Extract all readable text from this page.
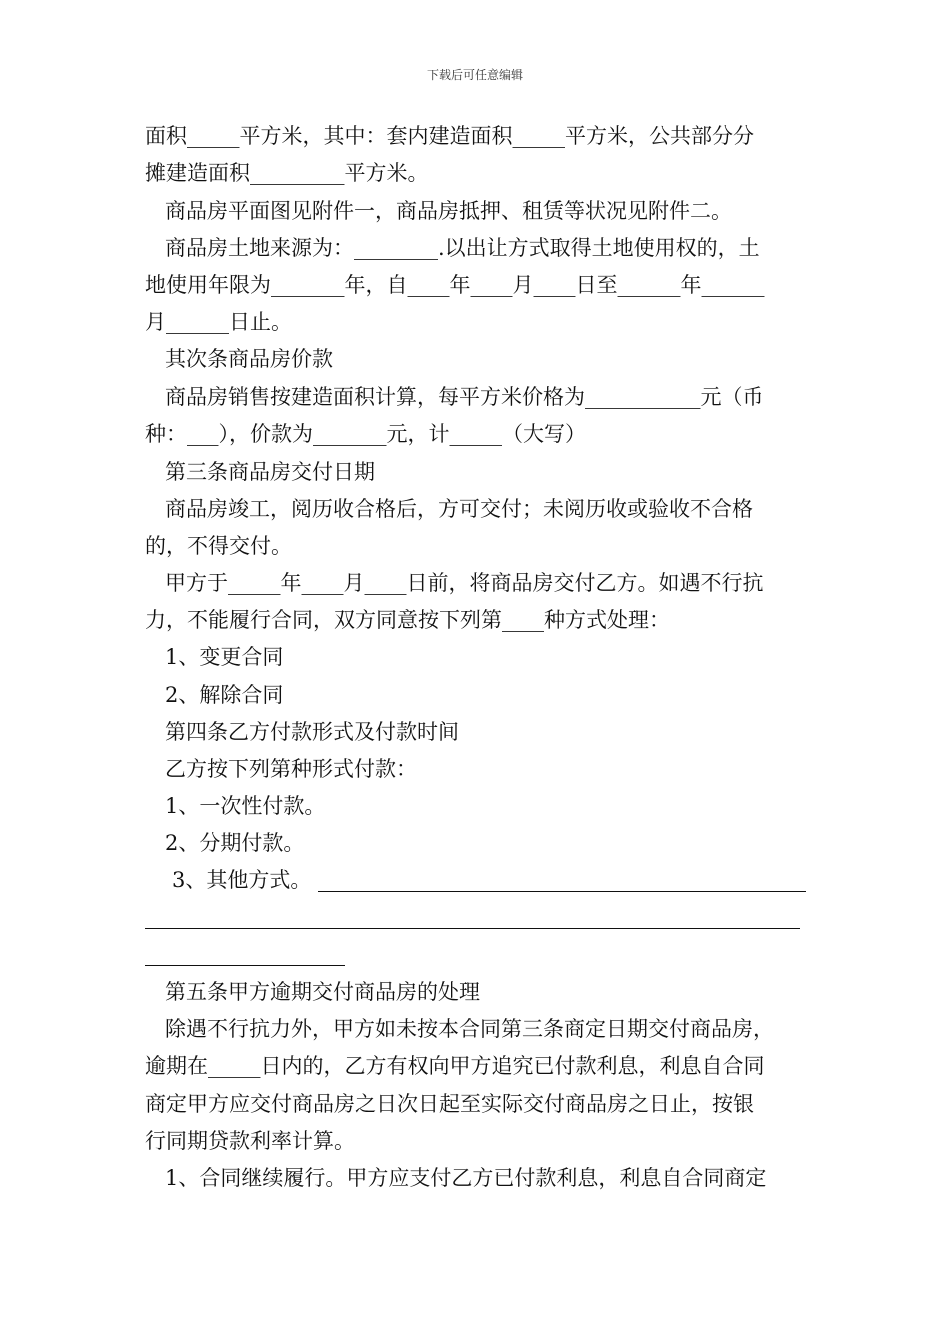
下载后可任意编辑
面积_____平方米，其中：套内建造面积_____平方米，公共部分分
摊建造面积_________平方米。
商品房平面图见附件一，商品房抵押、租赁等状况见附件二。
商品房土地来源为：________.以出让方式取得土地使用权的，土
地使用年限为_______年，自____年____月____日至______年______
月______日止。
其次条商品房价款
商品房销售按建造面积计算，每平方米价格为___________元（币
种：___），价款为_______元，计_____（大写）
第三条商品房交付日期
商品房竣工，阅历收合格后，方可交付；未阅历收或验收不合格
的，不得交付。
甲方于_____年____月____日前，将商品房交付乙方。如遇不行抗
力，不能履行合同，双方同意按下列第____种方式处理：
1、变更合同
2、解除合同
第四条乙方付款形式及付款时间
乙方按下列第种形式付款：
1、一次性付款。
2、分期付款。
3、其他方式。
第五条甲方逾期交付商品房的处理
除遇不行抗力外，甲方如未按本合同第三条商定日期交付商品房，
逾期在_____日内的，乙方有权向甲方追究已付款利息，利息自合同
商定甲方应交付商品房之日次日起至实际交付商品房之日止，按银
行同期贷款利率计算。
1、合同继续履行。甲方应支付乙方已付款利息，利息自合同商定
